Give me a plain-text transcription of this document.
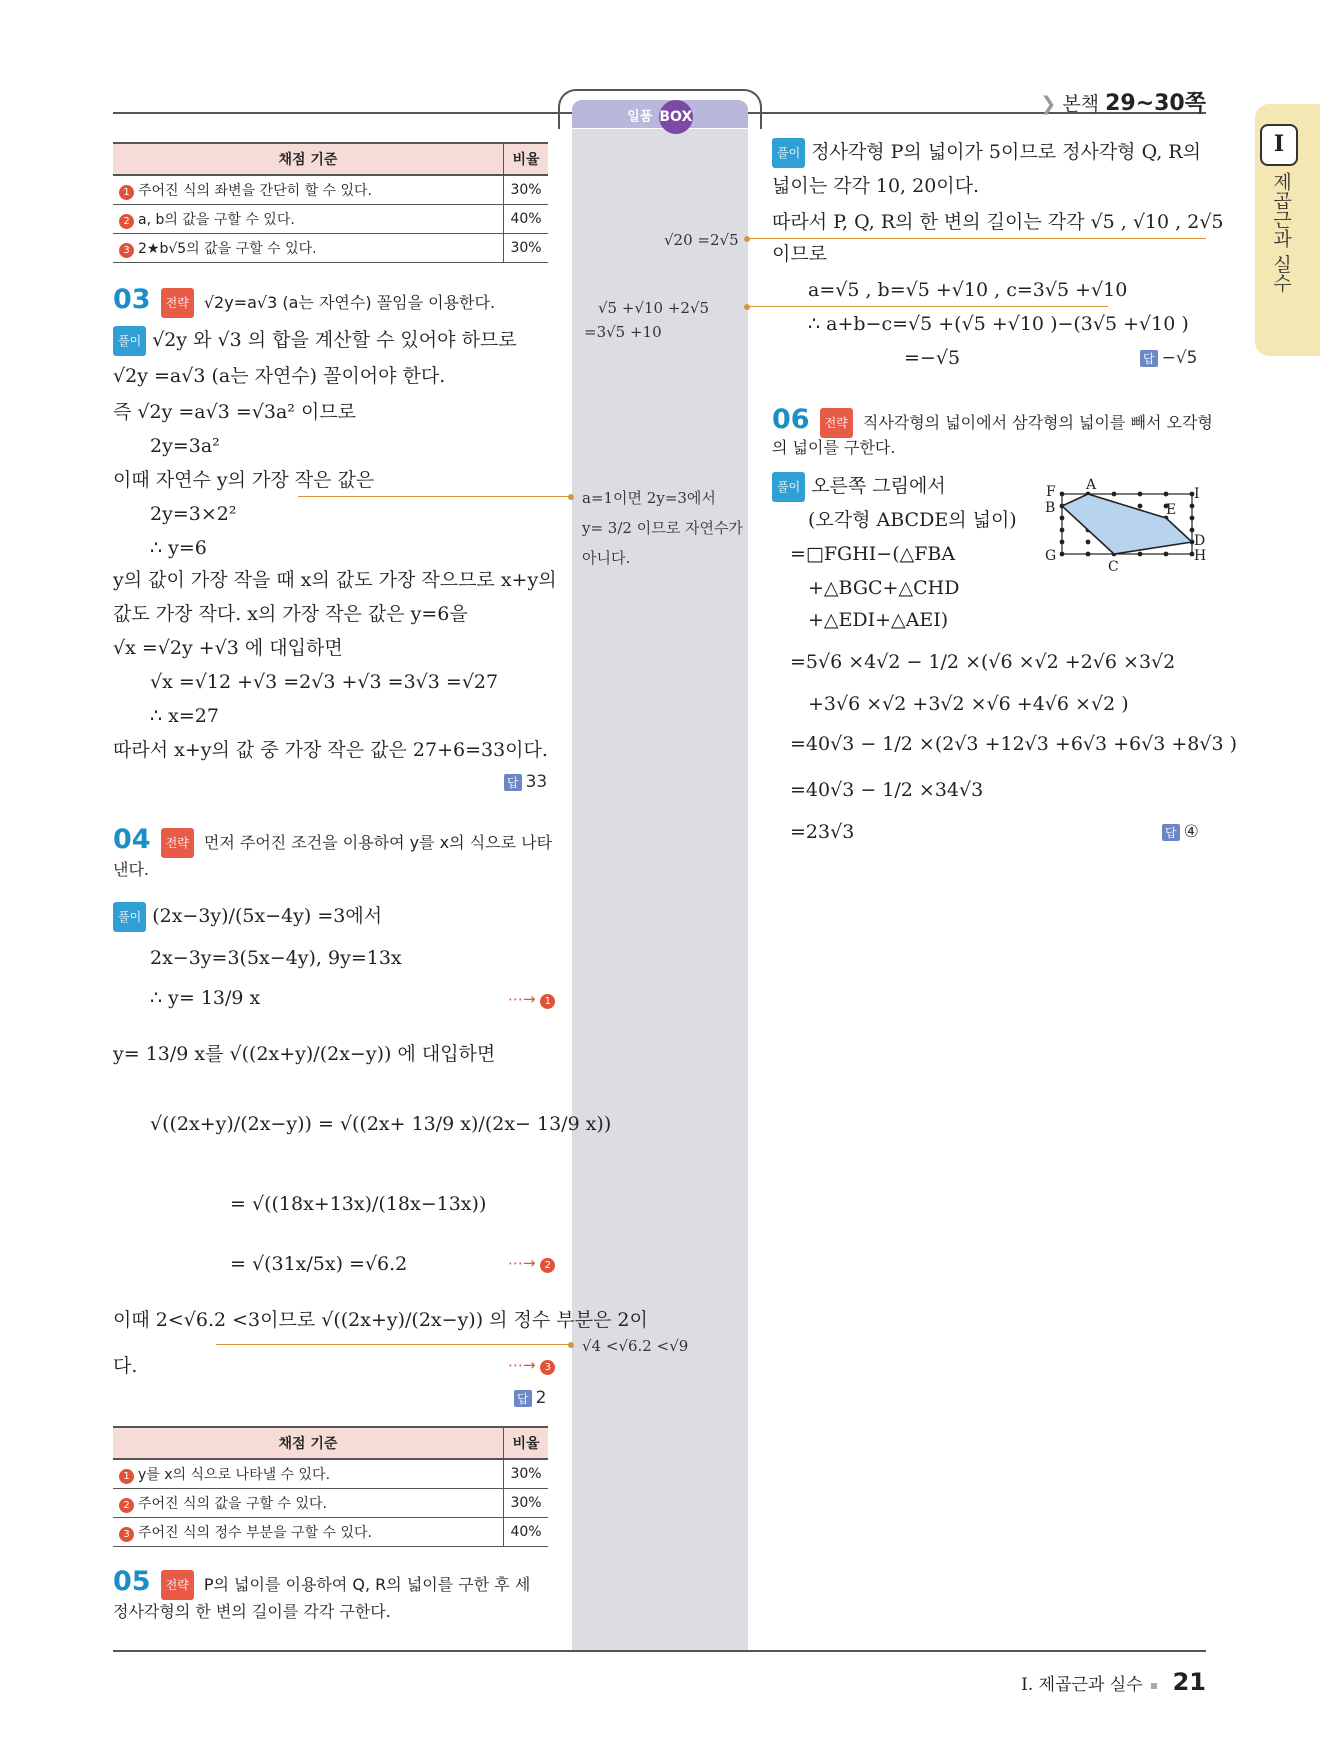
일품 BOX
❯ 본책 29~30쪽
I
제곱근과 실수
채점 기준	비율
1 주어진 식의 좌변을 간단히 할 수 있다.	30%
2 a, b의 값을 구할 수 있다.	40%
3 2★b√5의 값을 구할 수 있다.	30%
03 전략 √2y=a√3 (a는 자연수) 꼴임을 이용한다.
풀이 √2y 와 √3 의 합을 계산할 수 있어야 하므로
√2y =a√3 (a는 자연수) 꼴이어야 한다.
즉 √2y =a√3 =√3a² 이므로
2y=3a²
이때 자연수 y의 가장 작은 값은
2y=3×2²
∴ y=6
y의 값이 가장 작을 때 x의 값도 가장 작으므로 x+y의
값도 가장 작다. x의 가장 작은 값은 y=6을
√x =√2y +√3 에 대입하면
√x =√12 +√3 =2√3 +√3 =3√3 =√27
∴ x=27
따라서 x+y의 값 중 가장 작은 값은 27+6=33이다.
답 33
04 전략 먼저 주어진 조건을 이용하여 y를 x의 식으로 나타
낸다.
풀이 (2x−3y)/(5x−4y) =3에서
2x−3y=3(5x−4y), 9y=13x
∴ y= 13/9 x	⋯→ 1
y= 13/9 x를 √((2x+y)/(2x−y)) 에 대입하면
√((2x+y)/(2x−y)) = √((2x+ 13/9 x)/(2x− 13/9 x))
= √((18x+13x)/(18x−13x))
= √(31x/5x) =√6.2	⋯→ 2
이때 2<√6.2 <3이므로 √((2x+y)/(2x−y)) 의 정수 부분은 2이
다.	⋯→ 3
답 2
채점 기준	비율
1 y를 x의 식으로 나타낼 수 있다.	30%
2 주어진 식의 값을 구할 수 있다.	30%
3 주어진 식의 정수 부분을 구할 수 있다.	40%
05 전략 P의 넓이를 이용하여 Q, R의 넓이를 구한 후 세
정사각형의 한 변의 길이를 각각 구한다.
풀이 정사각형 P의 넓이가 5이므로 정사각형 Q, R의
넓이는 각각 10, 20이다.
따라서 P, Q, R의 한 변의 길이는 각각 √5 , √10 , 2√5
이므로
a=√5 , b=√5 +√10 , c=3√5 +√10
∴ a+b−c=√5 +(√5 +√10 )−(3√5 +√10 )
=−√5	답 −√5
06 전략 직사각형의 넓이에서 삼각형의 넓이를 빼서 오각형
의 넓이를 구한다.
풀이 오른쪽 그림에서
(오각형 ABCDE의 넓이)
=□FGHI−(△FBA
+△BGC+△CHD
+△EDI+△AEI)
=5√6 ×4√2 − 1/2 ×(√6 ×√2 +2√6 ×3√2
+3√6 ×√2 +3√2 ×√6 +4√6 ×√2 )
=40√3 − 1/2 ×(2√3 +12√3 +6√3 +6√3 +8√3 )
=40√3 − 1/2 ×34√3
=23√3	답 ④
A
B
C
D
E
F
G	H
I
√20 =2√5
√5 +√10 +2√5
=3√5 +10
a=1이면 2y=3에서
y= 3/2 이므로 자연수가
아니다.
√4 <√6.2 <√9
I. 제곱근과 실수 21
